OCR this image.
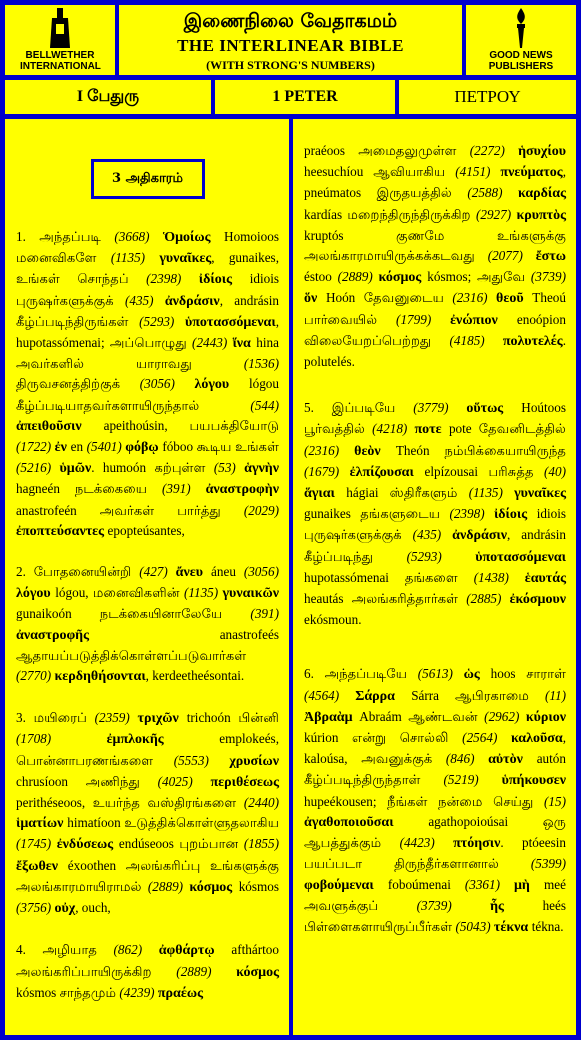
BELLWETHER INTERNATIONAL
இணைநிலை வேதாகமம்
THE INTERLINEAR BIBLE
(WITH STRONG'S NUMBERS)
GOOD NEWS PUBLISHERS
I பேதுரு	1 PETER	ΠΕΤΡΟΥ
3 அதிகாரம்

1. அந்தப்படி (3668) Ὁμοίως Homoioos மனைவிகளே (1135) γυναῖκες, gunaikes, உங்கள் சொந்தப் (2398) ἰδίοις idiois புருஷர்களுக்குக் (435) ἀνδράσιν, andrásin கீழ்ப்படிந்திருங்கள் (5293) ὑποτασσόμεναι, hupotassómenai; அப்பொழுது (2443) ἵνα hina அவர்களில் யாராவது (1536) திருவசனத்திற்குக் (3056) λόγου lógou கீழ்ப்படியாதவர்களாயிருந்தால் (544) ἀπειθοῦσιν apeithoúsin, பயபக்தியோடு (1722) ἐν en (5401) φόβῳ fóboo கூடிய உங்கள் (5216) ὑμῶν. humoón கற்புள்ள (53) ἁγνὴν hagneén நடக்கையை (391) ἀναστροφὴν anastrofeén அவர்கள் பார்த்து (2029) ἐποπτεύσαντες epopteúsantes,

2. போதனையின்றி (427) ἄνευ áneu (3056) λόγου lógou, மனைவிகளின் (1135) γυναικῶν gunaikoón நடக்கையினாலேயே (391) ἀναστροφῆς anastrofeés ஆதாயப்படுத்திக்கொள்ளப்படுவார்கள் (2770) κερδηθήσονται, kerdeetheésontai.

3. மயிரைப் (2359) τριχῶν trichoón பின்னி (1708) ἐμπλοκῆς emplokeés, பொன்னாபரணங்களை (5553) χρυσίων chrusíoon அணிந்து (4025) περιθέσεως perithéseoos, உயர்ந்த வஸ்திரங்களை (2440) ἱματίων himatíoon உடுத்திக்கொள்ளுதலாகிய (1745) ἐνδύσεως endúseoos புறம்பான (1855) ἔξωθεν éxoothen அலங்கரிப்பு உங்களுக்கு அலங்காரமாயிராமல் (2889) κόσμος kósmos (3756) οὐχ, ouch,

4. அழியாத (862) ἀφθάρτῳ afthártoo அலங்கரிப்பாயிருக்கிற (2889) κόσμος kósmos சாந்தமும் (4239) πραέως

praéoos அமைதலுமுள்ள (2272) ἡσυχίου heesuchíou ஆவியாகிய (4151) πνεύματος, pneúmatos இருதயத்தில் (2588) καρδίας kardías மறைந்திருந்திருக்கிற (2927) κρυπτὸς kruptós குணமே உங்களுக்கு அலங்காரமாயிருக்கக்கடவது (2077) ἔστω éstoo (2889) κόσμος kósmos; அதுவே (3739) ὅν Hoón தேவனுடைய (2316) θεοῦ Theoú பார்வையில் (1799) ἐνώπιον enoópion விலையேறப்பெற்றது (4185) πολυτελές. polutelés.

5. இப்படியே (3779) οὕτως Hoútoos பூர்வத்தில் (4218) ποτε pote தேவனிடத்தில் (2316) θεὸν Theón நம்பிக்கையாயிருந்த (1679) ἐλπίζουσαι elpízousai பரிசுத்த (40) ἅγιαι hágiai ஸ்திரீகளும் (1135) γυναῖκες gunaikes தங்களுடைய (2398) ἰδίοις idiois புருஷர்களுக்குக் (435) ἀνδράσιν, andrásin கீழ்ப்படிந்து (5293) ὑποτασσόμεναι hupotassómenai தங்களை (1438) ἑαυτάς heautás அலங்கரித்தார்கள் (2885) ἐκόσμουν ekósmoun.

6. அந்தப்படியே (5613) ὡς hoos சாராள் (4564) Σάρρα Sárra ஆபிரகாமை (11) Ἀβραὰμ Abraám ஆண்டவன் (2962) κύριον kúrion என்று சொல்லி (2564) καλοῦσα, kaloúsa, அவனுக்குக் (846) αὐτὸν autón கீழ்ப்படிந்திருந்தாள் (5219) ὑπήκουσεν hupeékousen; நீங்கள் நன்மை செய்து (15) ἀγαθοποιοῦσαι agathopoioúsai ஒரு ஆபத்துக்கும் (4423) πτόησιν. ptóeesin பயப்படா திருந்தீர்களானால் (5399) φοβούμεναι foboúmenai (3361) μὴ meé அவளுக்குப் (3739) ἧς heés பிள்ளைகளாயிருப்பீர்கள் (5043) τέκνα tékna.
